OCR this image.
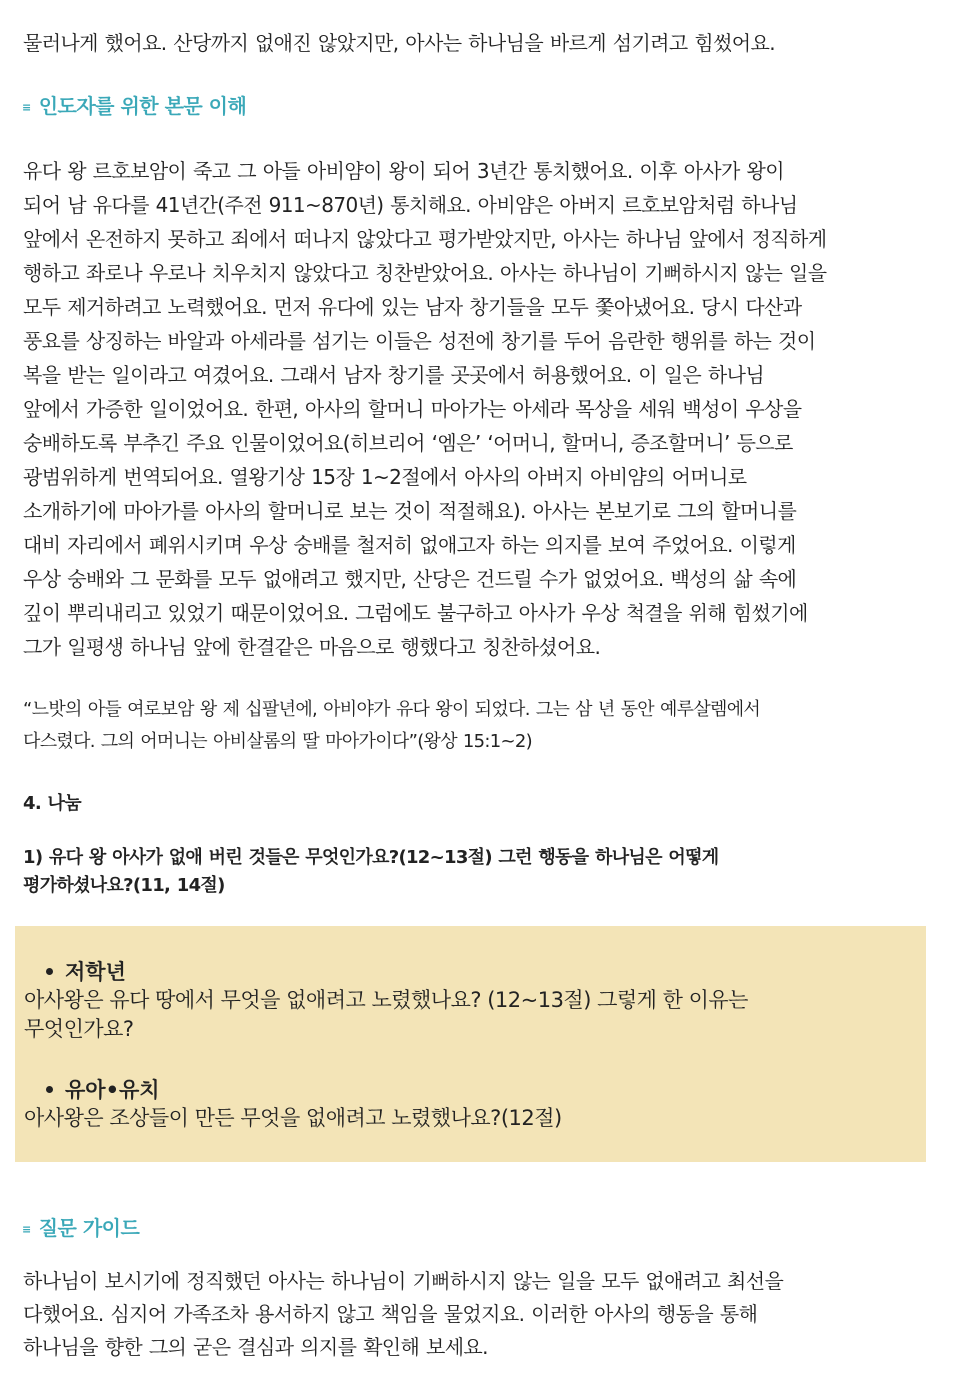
물러나게 했어요. 산당까지 없애진 않았지만, 아사는 하나님을 바르게 섬기려고 힘썼어요.
≡ 인도자를 위한 본문 이해
유다 왕 르호보암이 죽고 그 아들 아비얌이 왕이 되어 3년간 통치했어요. 이후 아사가 왕이
되어 남 유다를 41년간(주전 911~870년) 통치해요. 아비얌은 아버지 르호보암처럼 하나님
앞에서 온전하지 못하고 죄에서 떠나지 않았다고 평가받았지만, 아사는 하나님 앞에서 정직하게
행하고 좌로나 우로나 치우치지 않았다고 칭찬받았어요. 아사는 하나님이 기뻐하시지 않는 일을
모두 제거하려고 노력했어요. 먼저 유다에 있는 남자 창기들을 모두 쫓아냈어요. 당시 다산과
풍요를 상징하는 바알과 아세라를 섬기는 이들은 성전에 창기를 두어 음란한 행위를 하는 것이
복을 받는 일이라고 여겼어요. 그래서 남자 창기를 곳곳에서 허용했어요. 이 일은 하나님
앞에서 가증한 일이었어요. 한편, 아사의 할머니 마아가는 아세라 목상을 세워 백성이 우상을
숭배하도록 부추긴 주요 인물이었어요(히브리어 ‘엠은’ ‘어머니, 할머니, 증조할머니’ 등으로
광범위하게 번역되어요. 열왕기상 15장 1~2절에서 아사의 아버지 아비얌의 어머니로
소개하기에 마아가를 아사의 할머니로 보는 것이 적절해요). 아사는 본보기로 그의 할머니를
대비 자리에서 폐위시키며 우상 숭배를 철저히 없애고자 하는 의지를 보여 주었어요. 이렇게
우상 숭배와 그 문화를 모두 없애려고 했지만, 산당은 건드릴 수가 없었어요. 백성의 삶 속에
깊이 뿌리내리고 있었기 때문이었어요. 그럼에도 불구하고 아사가 우상 척결을 위해 힘썼기에
그가 일평생 하나님 앞에 한결같은 마음으로 행했다고 칭찬하셨어요.
“느밧의 아들 여로보암 왕 제 십팔년에, 아비야가 유다 왕이 되었다. 그는 삼 년 동안 예루살렘에서
다스렸다. 그의 어머니는 아비살롬의 딸 마아가이다”(왕상 15:1~2)
4. 나눔
1) 유다 왕 아사가 없애 버린 것들은 무엇인가요?(12~13절) 그런 행동을 하나님은 어떻게
평가하셨나요?(11, 14절)
저학년
아사왕은 유다 땅에서 무엇을 없애려고 노렸했나요? (12~13절) 그렇게 한 이유는
무엇인가요?
유아•유치
아사왕은 조상들이 만든 무엇을 없애려고 노렸했나요?(12절)
≡ 질문 가이드
하나님이 보시기에 정직했던 아사는 하나님이 기뻐하시지 않는 일을 모두 없애려고 최선을
다했어요. 심지어 가족조차 용서하지 않고 책임을 물었지요. 이러한 아사의 행동을 통해
하나님을 향한 그의 굳은 결심과 의지를 확인해 보세요.
